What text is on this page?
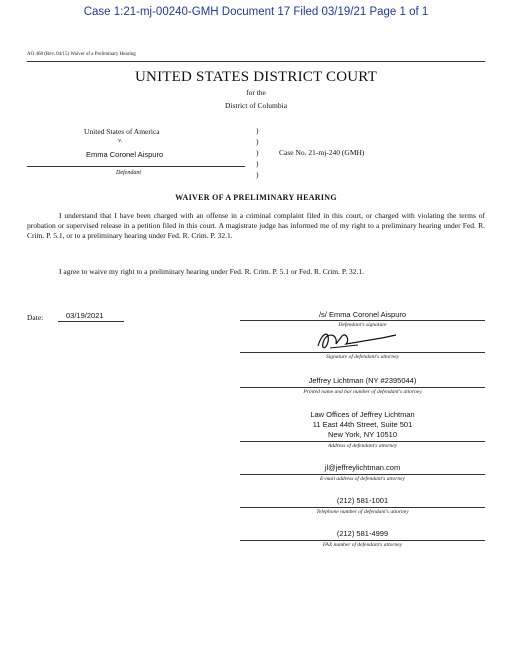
Case 1:21-mj-00240-GMH Document 17 Filed 03/19/21 Page 1 of 1
AO 468 (Rev. 04/15) Waiver of a Preliminary Hearing
UNITED STATES DISTRICT COURT
for the
District of Columbia
United States of America
v.
Emma Coronel Aispuro
Defendant
)
)
)
)
)
Case No. 21-mj-240 (GMH)
WAIVER OF A PRELIMINARY HEARING

I understand that I have been charged with an offense in a criminal complaint filed in this court, or charged with violating the terms of probation or supervised release in a petition filed in this court. A magistrate judge has informed me of my right to a preliminary hearing under Fed. R. Crim. P. 5.1, or to a preliminary hearing under Fed. R. Crim. P. 32.1.

I agree to waive my right to a preliminary hearing under Fed. R. Crim. P. 5.1 or Fed. R. Crim. P. 32.1.

Date:	03/19/2021	/s/ Emma Coronel Aispuro
Defendant's signature
Signature of defendant's attorney
Jeffrey Lichtman (NY #2395044)
Printed name and bar number of defendant's attorney
Law Offices of Jeffrey Lichtman
11 East 44th Street, Suite 501
New York, NY 10510
Address of defendant's attorney
jl@jeffreylichtman.com
E-mail address of defendant's attorney
(212) 581-1001
Telephone number of defendant's attorney
(212) 581-4999
FAX number of defendant's attorney
